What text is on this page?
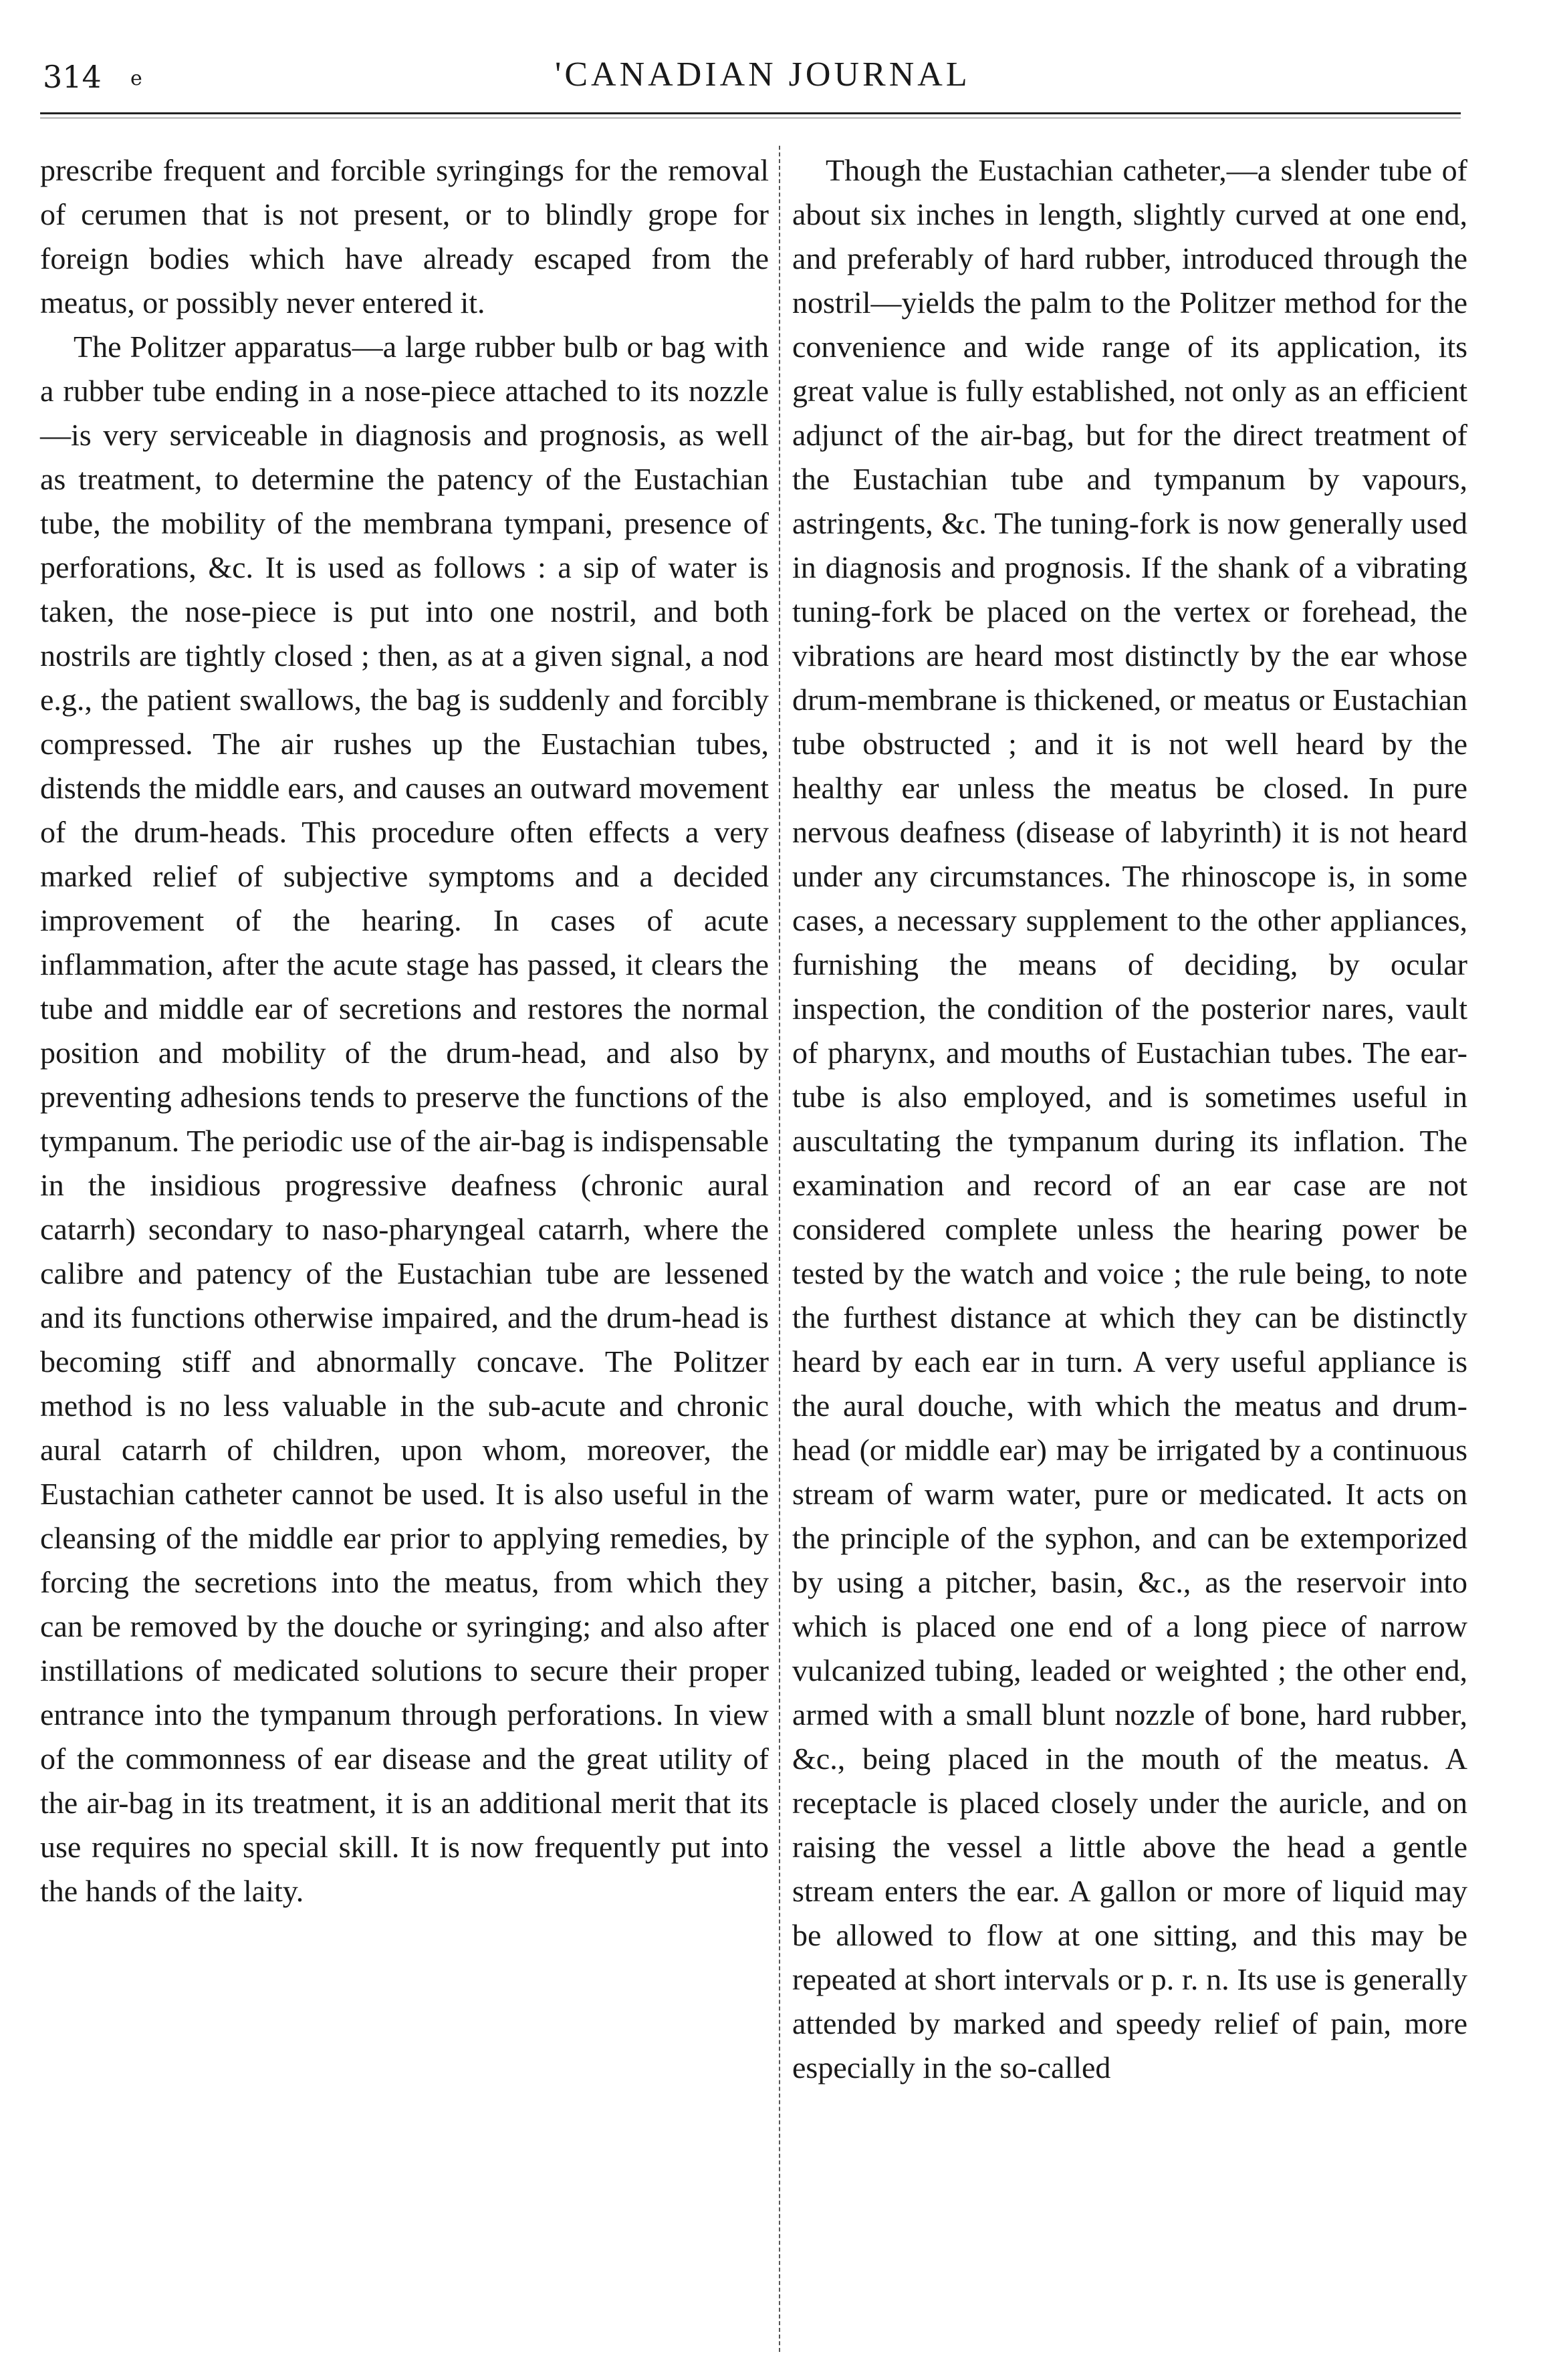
314 e	'CANADIAN JOURNAL

prescribe frequent and forcible syringings for the removal of cerumen that is not present, or to blindly grope for foreign bodies which have already escaped from the meatus, or possibly never entered it.

The Politzer apparatus—a large rubber bulb or bag with a rubber tube ending in a nose-piece attached to its nozzle—is very serviceable in diagnosis and prognosis, as well as treatment, to determine the patency of the Eustachian tube, the mobility of the membrana tympani, presence of perforations, &c. It is used as follows : a sip of water is taken, the nose-piece is put into one nostril, and both nostrils are tightly closed ; then, as at a given signal, a nod e.g., the patient swallows, the bag is suddenly and forcibly compressed. The air rushes up the Eustachian tubes, distends the middle ears, and causes an outward movement of the drum-heads. This procedure often effects a very marked relief of subjective symptoms and a decided improvement of the hearing. In cases of acute inflammation, after the acute stage has passed, it clears the tube and middle ear of secretions and restores the normal position and mobility of the drum-head, and also by preventing adhesions tends to preserve the functions of the tympanum. The periodic use of the air-bag is indispensable in the insidious progressive deafness (chronic aural catarrh) secondary to naso-pharyngeal catarrh, where the calibre and patency of the Eustachian tube are lessened and its functions otherwise impaired, and the drum-head is becoming stiff and abnormally concave. The Politzer method is no less valuable in the sub-acute and chronic aural catarrh of children, upon whom, moreover, the Eustachian catheter cannot be used. It is also useful in the cleansing of the middle ear prior to applying remedies, by forcing the secretions into the meatus, from which they can be removed by the douche or syringing; and also after instillations of medicated solutions to secure their proper entrance into the tympanum through perforations. In view of the commonness of ear disease and the great utility of the air-bag in its treatment, it is an additional merit that its use requires no special skill. It is now frequently put into the hands of the laity.

Though the Eustachian catheter,—a slender tube of about six inches in length, slightly curved at one end, and preferably of hard rubber, introduced through the nostril—yields the palm to the Politzer method for the convenience and wide range of its application, its great value is fully established, not only as an efficient adjunct of the air-bag, but for the direct treatment of the Eustachian tube and tympanum by vapours, astringents, &c. The tuning-fork is now generally used in diagnosis and prognosis. If the shank of a vibrating tuning-fork be placed on the vertex or forehead, the vibrations are heard most distinctly by the ear whose drum-membrane is thickened, or meatus or Eustachian tube obstructed ; and it is not well heard by the healthy ear unless the meatus be closed. In pure nervous deafness (disease of labyrinth) it is not heard under any circumstances. The rhinoscope is, in some cases, a necessary supplement to the other appliances, furnishing the means of deciding, by ocular inspection, the condition of the posterior nares, vault of pharynx, and mouths of Eustachian tubes. The ear-tube is also employed, and is sometimes useful in auscultating the tympanum during its inflation. The examination and record of an ear case are not considered complete unless the hearing power be tested by the watch and voice ; the rule being, to note the furthest distance at which they can be distinctly heard by each ear in turn. A very useful appliance is the aural douche, with which the meatus and drum-head (or middle ear) may be irrigated by a continuous stream of warm water, pure or medicated. It acts on the principle of the syphon, and can be extemporized by using a pitcher, basin, &c., as the reservoir into which is placed one end of a long piece of narrow vulcanized tubing, leaded or weighted ; the other end, armed with a small blunt nozzle of bone, hard rubber, &c., being placed in the mouth of the meatus. A receptacle is placed closely under the auricle, and on raising the vessel a little above the head a gentle stream enters the ear. A gallon or more of liquid may be allowed to flow at one sitting, and this may be repeated at short intervals or p. r. n. Its use is generally attended by marked and speedy relief of pain, more especially in the so-called
